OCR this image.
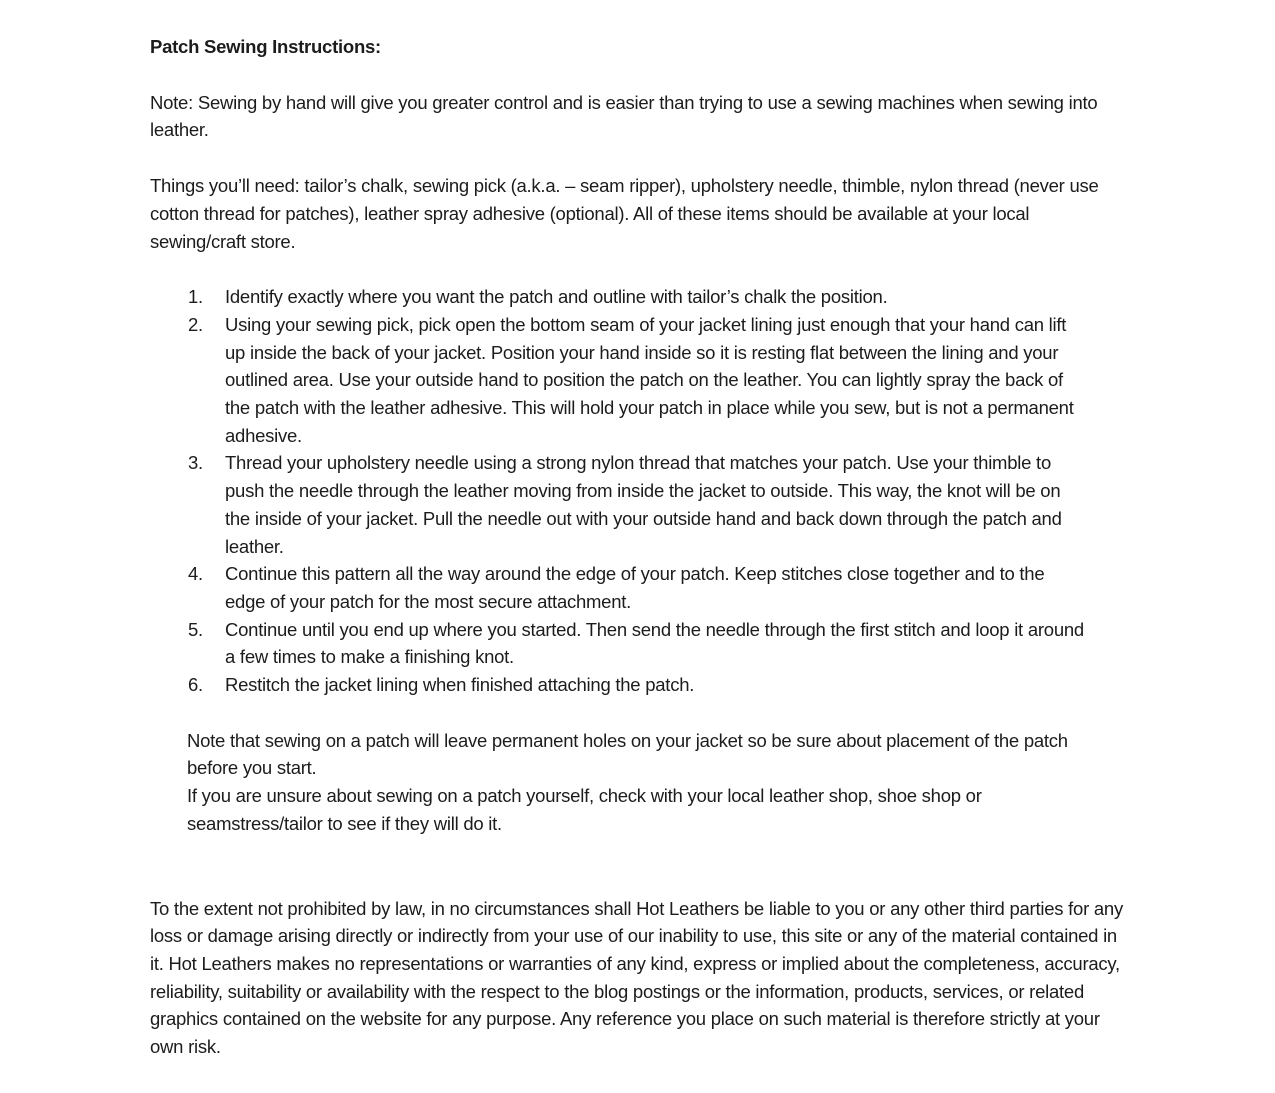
Patch Sewing Instructions:

Note: Sewing by hand will give you greater control and is easier than trying to use a sewing machines when sewing into leather.

Things you’ll need: tailor’s chalk, sewing pick (a.k.a. – seam ripper), upholstery needle, thimble, nylon thread (never use cotton thread for patches), leather spray adhesive (optional). All of these items should be available at your local sewing/craft store.

1.	Identify exactly where you want the patch and outline with tailor’s chalk the position.
2.	Using your sewing pick, pick open the bottom seam of your jacket lining just enough that your hand can lift up inside the back of your jacket. Position your hand inside so it is resting flat between the lining and your outlined area. Use your outside hand to position the patch on the leather. You can lightly spray the back of the patch with the leather adhesive. This will hold your patch in place while you sew, but is not a permanent adhesive.
3.	Thread your upholstery needle using a strong nylon thread that matches your patch. Use your thimble to push the needle through the leather moving from inside the jacket to outside. This way, the knot will be on the inside of your jacket. Pull the needle out with your outside hand and back down through the patch and leather.
4.	Continue this pattern all the way around the edge of your patch. Keep stitches close together and to the edge of your patch for the most secure attachment.
5.	Continue until you end up where you started. Then send the needle through the first stitch and loop it around a few times to make a finishing knot.
6.	Restitch the jacket lining when finished attaching the patch.

Note that sewing on a patch will leave permanent holes on your jacket so be sure about placement of the patch before you start.

If you are unsure about sewing on a patch yourself, check with your local leather shop, shoe shop or seamstress/tailor to see if they will do it.

To the extent not prohibited by law, in no circumstances shall Hot Leathers be liable to you or any other third parties for any loss or damage arising directly or indirectly from your use of our inability to use, this site or any of the material contained in it. Hot Leathers makes no representations or warranties of any kind, express or implied about the completeness, accuracy, reliability, suitability or availability with the respect to the blog postings or the information, products, services, or related graphics contained on the website for any purpose. Any reference you place on such material is therefore strictly at your own risk.
